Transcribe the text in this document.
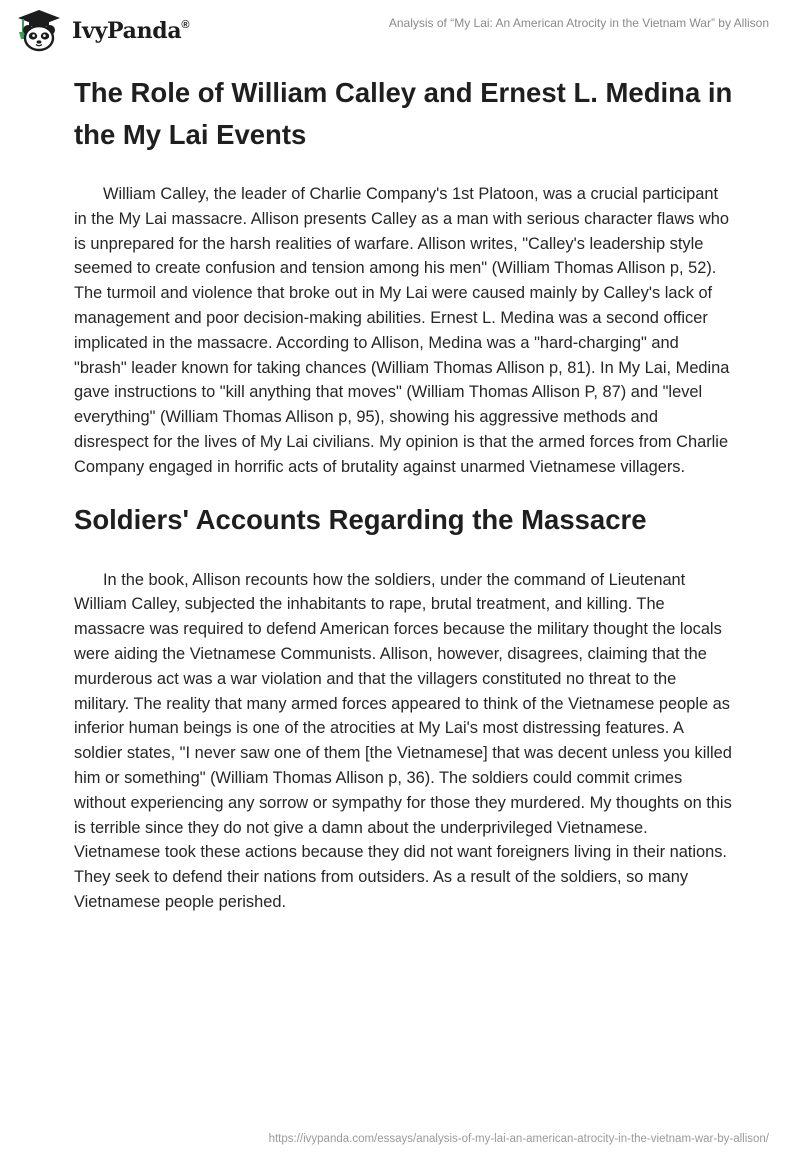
IvyPanda®	Analysis of “My Lai: An American Atrocity in the Vietnam War” by Allison
The Role of William Calley and Ernest L. Medina in the My Lai Events

William Calley, the leader of Charlie Company's 1st Platoon, was a crucial participant in the My Lai massacre. Allison presents Calley as a man with serious character flaws who is unprepared for the harsh realities of warfare. Allison writes, "Calley's leadership style seemed to create confusion and tension among his men" (William Thomas Allison p, 52). The turmoil and violence that broke out in My Lai were caused mainly by Calley's lack of management and poor decision-making abilities. Ernest L. Medina was a second officer implicated in the massacre. According to Allison, Medina was a "hard-charging" and "brash" leader known for taking chances (William Thomas Allison p, 81). In My Lai, Medina gave instructions to "kill anything that moves" (William Thomas Allison P, 87) and "level everything" (William Thomas Allison p, 95), showing his aggressive methods and disrespect for the lives of My Lai civilians. My opinion is that the armed forces from Charlie Company engaged in horrific acts of brutality against unarmed Vietnamese villagers.

Soldiers' Accounts Regarding the Massacre

In the book, Allison recounts how the soldiers, under the command of Lieutenant William Calley, subjected the inhabitants to rape, brutal treatment, and killing. The massacre was required to defend American forces because the military thought the locals were aiding the Vietnamese Communists. Allison, however, disagrees, claiming that the murderous act was a war violation and that the villagers constituted no threat to the military. The reality that many armed forces appeared to think of the Vietnamese people as inferior human beings is one of the atrocities at My Lai's most distressing features. A soldier states, "I never saw one of them [the Vietnamese] that was decent unless you killed him or something" (William Thomas Allison p, 36). The soldiers could commit crimes without experiencing any sorrow or sympathy for those they murdered. My thoughts on this is terrible since they do not give a damn about the underprivileged Vietnamese. Vietnamese took these actions because they did not want foreigners living in their nations. They seek to defend their nations from outsiders. As a result of the soldiers, so many Vietnamese people perished.

https://ivypanda.com/essays/analysis-of-my-lai-an-american-atrocity-in-the-vietnam-war-by-allison/
